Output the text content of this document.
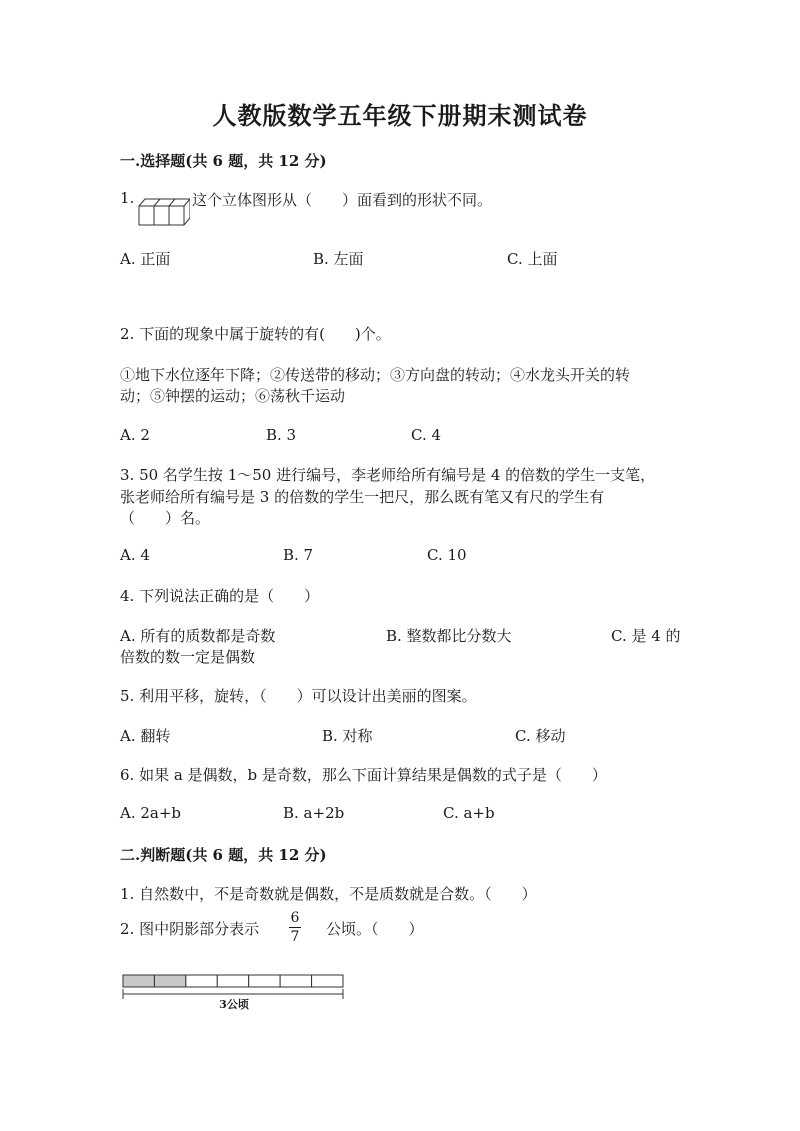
人教版数学五年级下册期末测试卷
一.选择题(共 6 题，共 12 分)
1.	这个立体图形从（　　）面看到的形状不同。
A. 正面	B. 左面	C. 上面
2. 下面的现象中属于旋转的有(　　)个。
①地下水位逐年下降；②传送带的移动；③方向盘的转动；④水龙头开关的转
动；⑤钟摆的运动；⑥荡秋千运动
A. 2	B. 3	C. 4
3. 50 名学生按 1～50 进行编号，李老师给所有编号是 4 的倍数的学生一支笔，
张老师给所有编号是 3 的倍数的学生一把尺，那么既有笔又有尺的学生有
（　　）名。
A. 4	B. 7	C. 10
4. 下列说法正确的是（　　）
A. 所有的质数都是奇数	B. 整数都比分数大	C. 是 4 的
倍数的数一定是偶数
5. 利用平移，旋转，（　　）可以设计出美丽的图案。
A. 翻转	B. 对称	C. 移动
6. 如果 a 是偶数，b 是奇数，那么下面计算结果是偶数的式子是（　　）
A. 2a+b	B. a+2b	C. a+b
二.判断题(共 6 题，共 12 分)
1. 自然数中，不是奇数就是偶数，不是质数就是合数。（　　）
2. 图中阴影部分表示
6
7 公顷。（　　）
3公顷
